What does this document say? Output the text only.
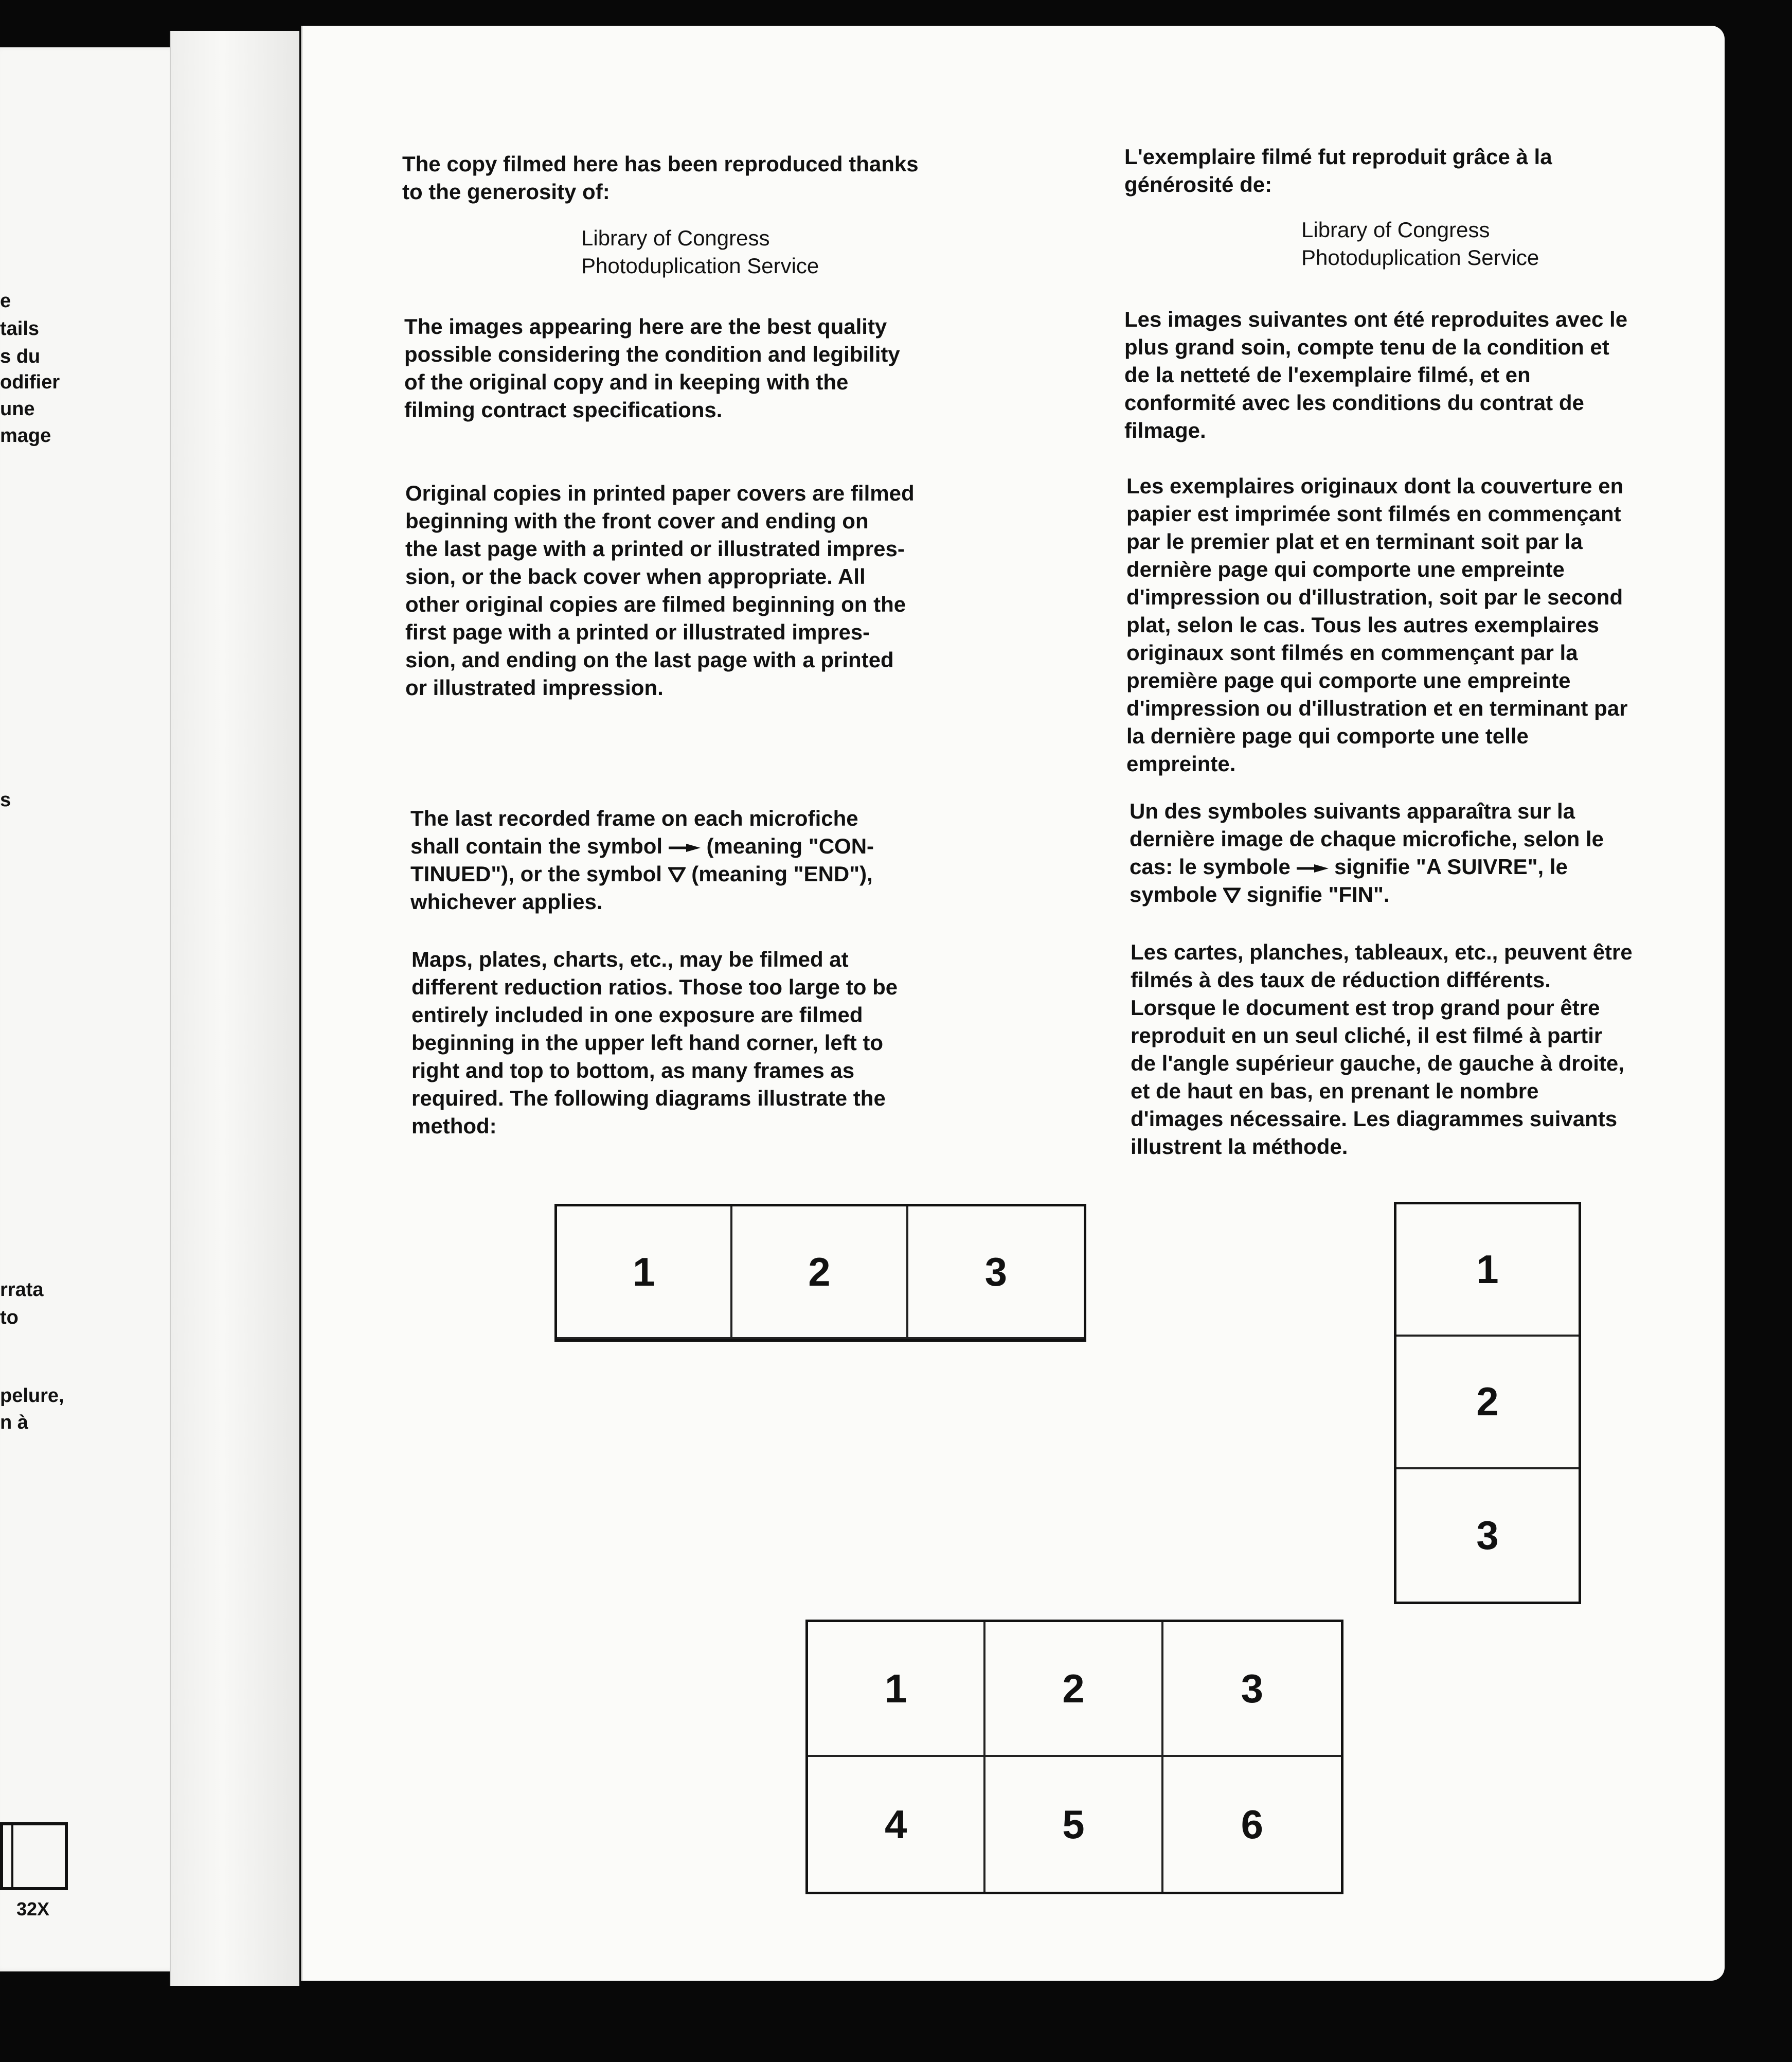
e
tails
s du
odifier
une
mage
s
rrata
to
pelure,
n à
32X
The copy filmed here has been reproduced thanks
to the generosity of:
Library of Congress
Photoduplication Service
The images appearing here are the best quality
possible considering the condition and legibility
of the original copy and in keeping with the
filming contract specifications.
Original copies in printed paper covers are filmed
beginning with the front cover and ending on
the last page with a printed or illustrated impres-
sion, or the back cover when appropriate. All
other original copies are filmed beginning on the
first page with a printed or illustrated impres-
sion, and ending on the last page with a printed
or illustrated impression.
The last recorded frame on each microfiche
shall contain the symbol (meaning "CON-
TINUED"), or the symbol (meaning "END"),
whichever applies.
Maps, plates, charts, etc., may be filmed at
different reduction ratios. Those too large to be
entirely included in one exposure are filmed
beginning in the upper left hand corner, left to
right and top to bottom, as many frames as
required. The following diagrams illustrate the
method:
L'exemplaire filmé fut reproduit grâce à la
générosité de:
Library of Congress
Photoduplication Service
Les images suivantes ont été reproduites avec le
plus grand soin, compte tenu de la condition et
de la netteté de l'exemplaire filmé, et en
conformité avec les conditions du contrat de
filmage.
Les exemplaires originaux dont la couverture en
papier est imprimée sont filmés en commençant
par le premier plat et en terminant soit par la
dernière page qui comporte une empreinte
d'impression ou d'illustration, soit par le second
plat, selon le cas. Tous les autres exemplaires
originaux sont filmés en commençant par la
première page qui comporte une empreinte
d'impression ou d'illustration et en terminant par
la dernière page qui comporte une telle
empreinte.
Un des symboles suivants apparaîtra sur la
dernière image de chaque microfiche, selon le
cas: le symbole signifie "A SUIVRE", le
symbole signifie "FIN".
Les cartes, planches, tableaux, etc., peuvent être
filmés à des taux de réduction différents.
Lorsque le document est trop grand pour être
reproduit en un seul cliché, il est filmé à partir
de l'angle supérieur gauche, de gauche à droite,
et de haut en bas, en prenant le nombre
d'images nécessaire. Les diagrammes suivants
illustrent la méthode.
1	2	3	1
2
3
1	2	3
4	5	6
